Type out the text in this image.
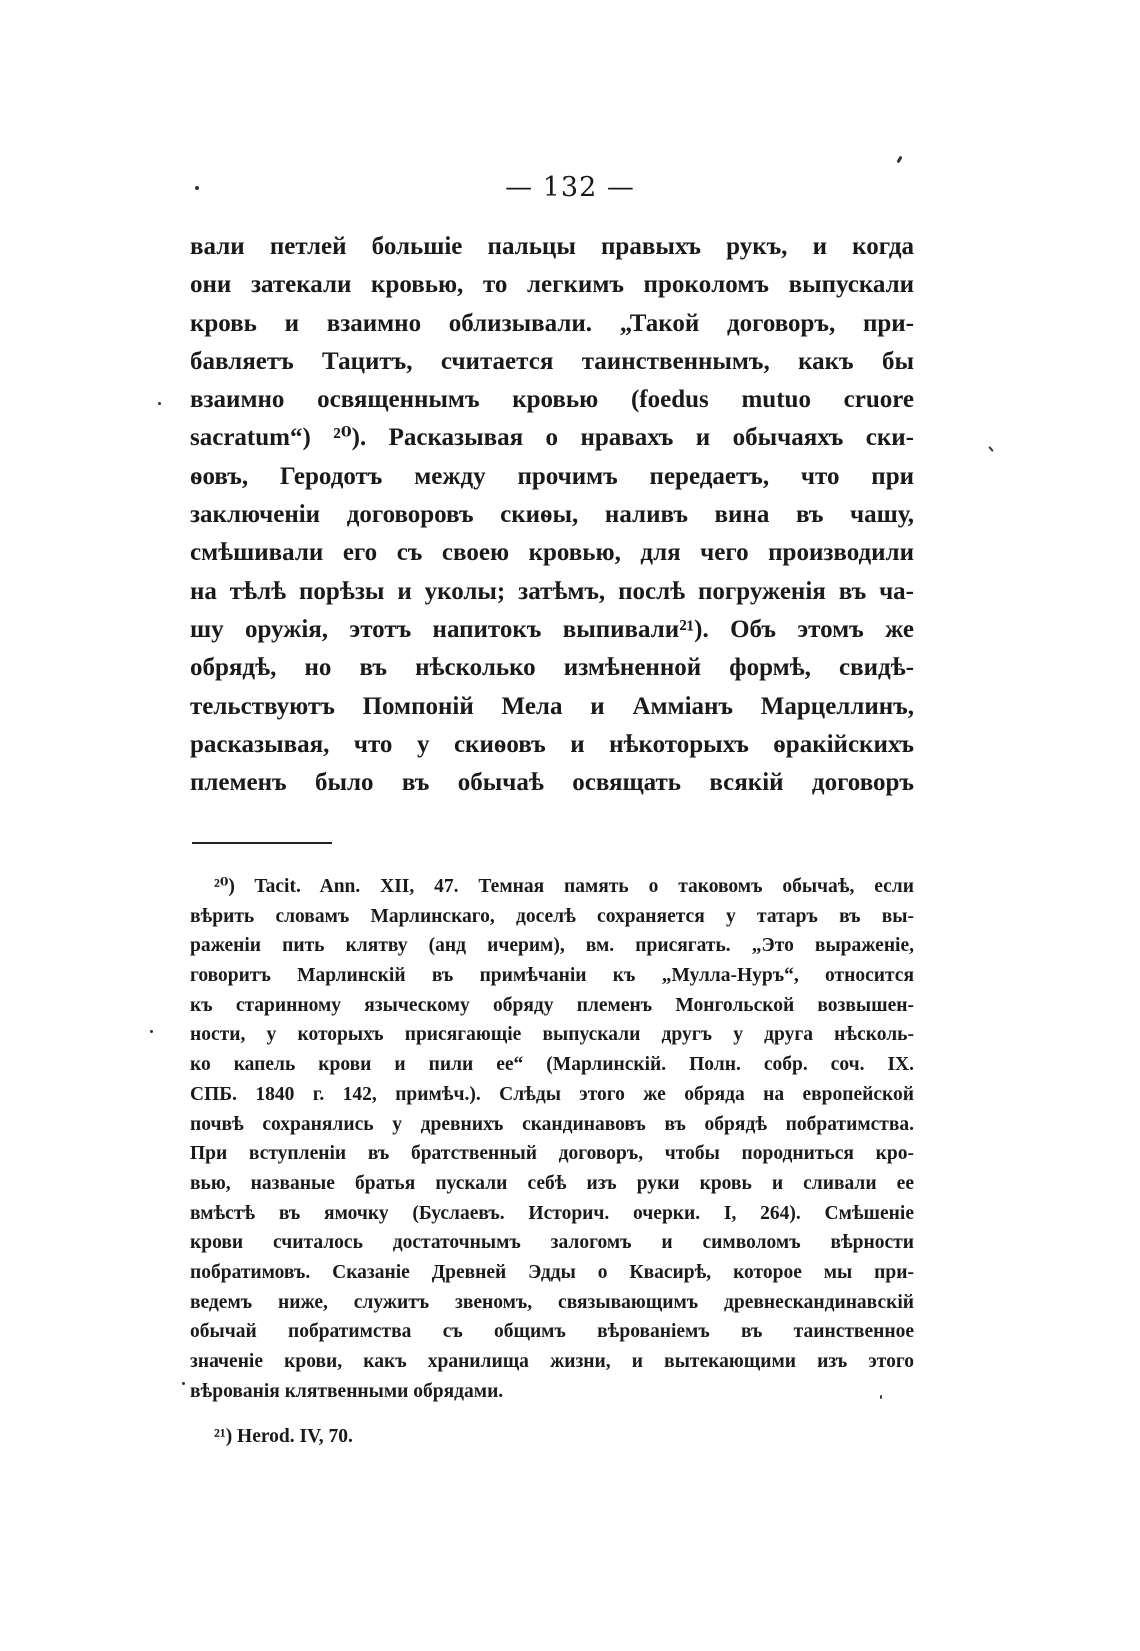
— 132 —
вали петлей большіе пальцы правыхъ рукъ, и когда
они затекали кровью, то легкимъ прокoломъ выпускали
кровь и взаимно облизывали. „Такой договоръ, при-
бавляетъ Тацитъ, считается таинственнымъ, какъ бы
взаимно освященнымъ кровью (foedus mutuo cruore
sacratum“) ²⁰). Расказывая о нравахъ и обычаяхъ ски-
ѳовъ, Геродотъ между прочимъ передаетъ, что при
заключеніи договоровъ скиѳы, наливъ вина въ чашу,
смѣшивали его съ своею кровью, для чего производили
на тѣлѣ порѣзы и уколы; затѣмъ, послѣ погруженія въ ча-
шу оружія, этотъ напитокъ выпивали²¹). Объ этомъ же
обрядѣ, но въ нѣсколько измѣненной формѣ, свидѣ-
тельствуютъ Помпоній Мела и Амміанъ Марцеллинъ,
расказывая, что у скиѳовъ и нѣкоторыхъ ѳракійскихъ
племенъ было въ обычаѣ освящать всякій договоръ
²⁰) Tacit. Ann. XII, 47. Темная память о таковомъ обычаѣ, если
вѣрить словамъ Марлинскаго, доселѣ сохраняется у татаръ въ вы-
раженіи пить клятву (анд ичерим), вм. присягать. „Это выраженіе,
говоритъ Марлинскій въ примѣчаніи къ „Мулла-Нуръ“, относится
къ старинному языческому обряду племенъ Монгольской возвышен-
ности, у которыхъ присягающіе выпускали другъ у друга нѣсколь-
ко капель крови и пили ее“ (Марлинскій. Полн. собр. соч. IX.
СПБ. 1840 г. 142, примѣч.). Слѣды этого же обряда на европейской
почвѣ сохранялись у древнихъ скандинавовъ въ обрядѣ побратимства.
При вступленіи въ братственный договоръ, чтобы породниться кро-
вью, названые братья пускали себѣ изъ руки кровь и сливали ее
вмѣстѣ въ ямочку (Буслаевъ. Историч. очерки. I, 264). Смѣшеніе
крови считалось достаточнымъ залогомъ и символомъ вѣрности
побратимовъ. Сказаніе Древней Эдды о Квасирѣ, которое мы при-
ведемъ ниже, служитъ звеномъ, связывающимъ древнескандинавскій
обычай побратимства съ общимъ вѣрованіемъ въ таинственное
значеніе крови, какъ хранилища жизни, и вытекающими изъ этого
вѣрованія клятвенными обрядами.
²¹) Herod. IV, 70.
